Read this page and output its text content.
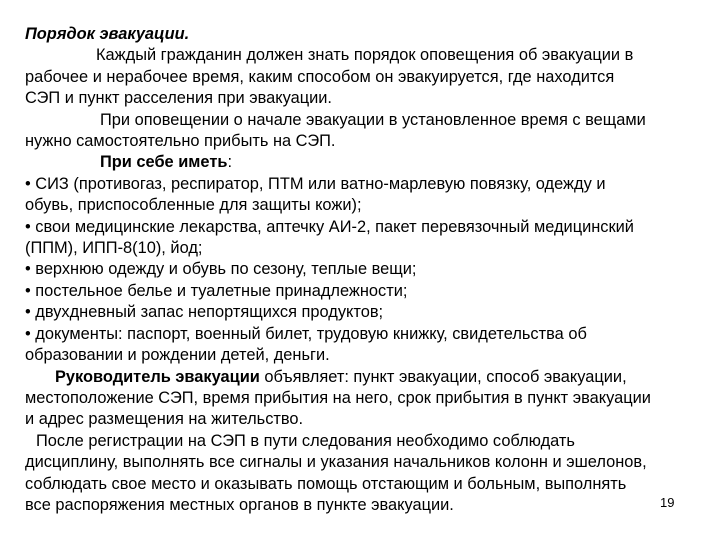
Порядок эвакуации.
Каждый гражданин должен знать порядок оповещения об эвакуации в
рабочее и нерабочее время, каким способом он эвакуируется, где находится
СЭП и пункт расселения при эвакуации.
При оповещении о начале эвакуации в установленное время с вещами
нужно самостоятельно прибыть на СЭП.
При себе иметь:
• СИЗ (противогаз, респиратор, ПТМ или ватно-марлевую повязку, одежду и
обувь, приспособленные для защиты кожи);
• свои медицинские лекарства, аптечку АИ-2, пакет перевязочный медицинский
(ППМ), ИПП-8(10), йод;
• верхнюю одежду и обувь по сезону, теплые вещи;
• постельное белье и туалетные принадлежности;
• двухдневный запас непортящихся продуктов;
• документы: паспорт, военный билет, трудовую книжку, свидетельства об
образовании и рождении детей, деньги.
Руководитель эвакуации объявляет: пункт эвакуации, способ эвакуации,
местоположение СЭП, время прибытия на него, срок прибытия в пункт эвакуации
и адрес размещения на жительство.
После регистрации на СЭП в пути следования необходимо соблюдать
дисциплину, выполнять все сигналы и указания начальников колонн и эшелонов,
соблюдать свое место и оказывать помощь отстающим и больным, выполнять
все распоряжения местных органов в пункте эвакуации.	19
